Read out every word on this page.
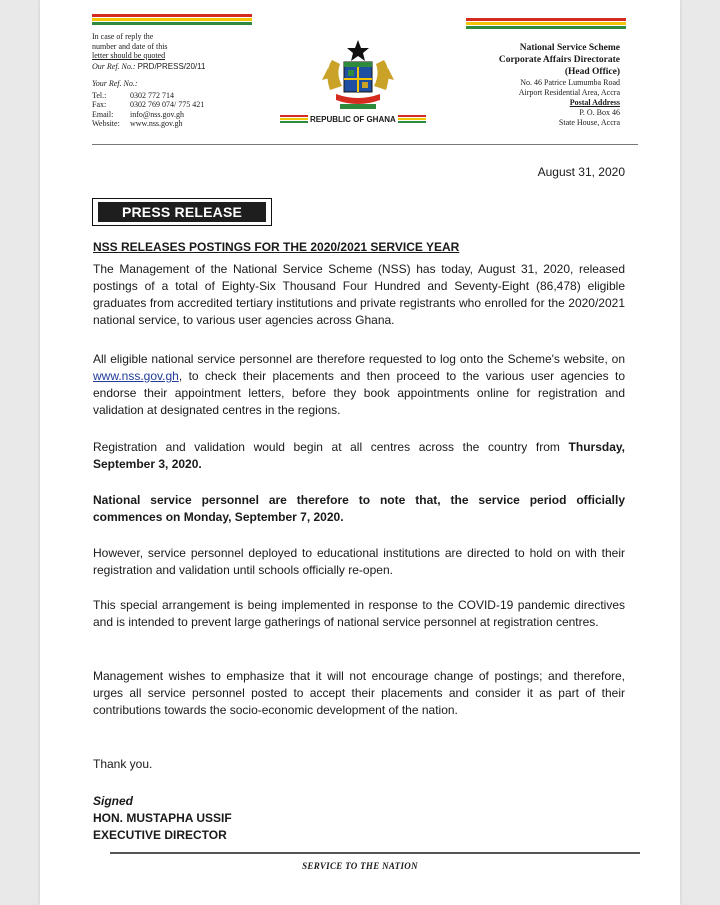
In case of reply the
number and date of this
letter should be quoted
Our Ref. No.: PRD/PRESS/20/11
Your Ref. No.:
Tel.:	0302 772 714
Fax:	0302 769 074/ 775 421
Email:	info@nss.gov.gh
Website:	www.nss.gov.gh	REPUBLIC OF GHANA
National Service Scheme
Corporate Affairs Directorate
(Head Office)
No. 46 Patrice Lumumba Road
Airport Residential Area, Accra
Postal Address
P. O. Box 46
State House, Accra
August 31, 2020
PRESS RELEASE
NSS RELEASES POSTINGS FOR THE 2020/2021 SERVICE YEAR
The Management of the National Service Scheme (NSS) has today, August 31, 2020, released postings of a total of Eighty-Six Thousand Four Hundred and Seventy-Eight (86,478) eligible graduates from accredited tertiary institutions and private registrants who enrolled for the 2020/2021 national service, to various user agencies across Ghana.
All eligible national service personnel are therefore requested to log onto the Scheme's website, on www.nss.gov.gh, to check their placements and then proceed to the various user agencies to endorse their appointment letters, before they book appointments online for registration and validation at designated centres in the regions.
Registration and validation would begin at all centres across the country from Thursday, September 3, 2020.
National service personnel are therefore to note that, the service period officially commences on Monday, September 7, 2020.
However, service personnel deployed to educational institutions are directed to hold on with their registration and validation until schools officially re-open.
This special arrangement is being implemented in response to the COVID-19 pandemic directives and is intended to prevent large gatherings of national service personnel at registration centres.
Management wishes to emphasize that it will not encourage change of postings; and therefore, urges all service personnel posted to accept their placements and consider it as part of their contributions towards the socio-economic development of the nation.
Thank you.
Signed
HON. MUSTAPHA USSIF
EXECUTIVE DIRECTOR
SERVICE TO THE NATION
